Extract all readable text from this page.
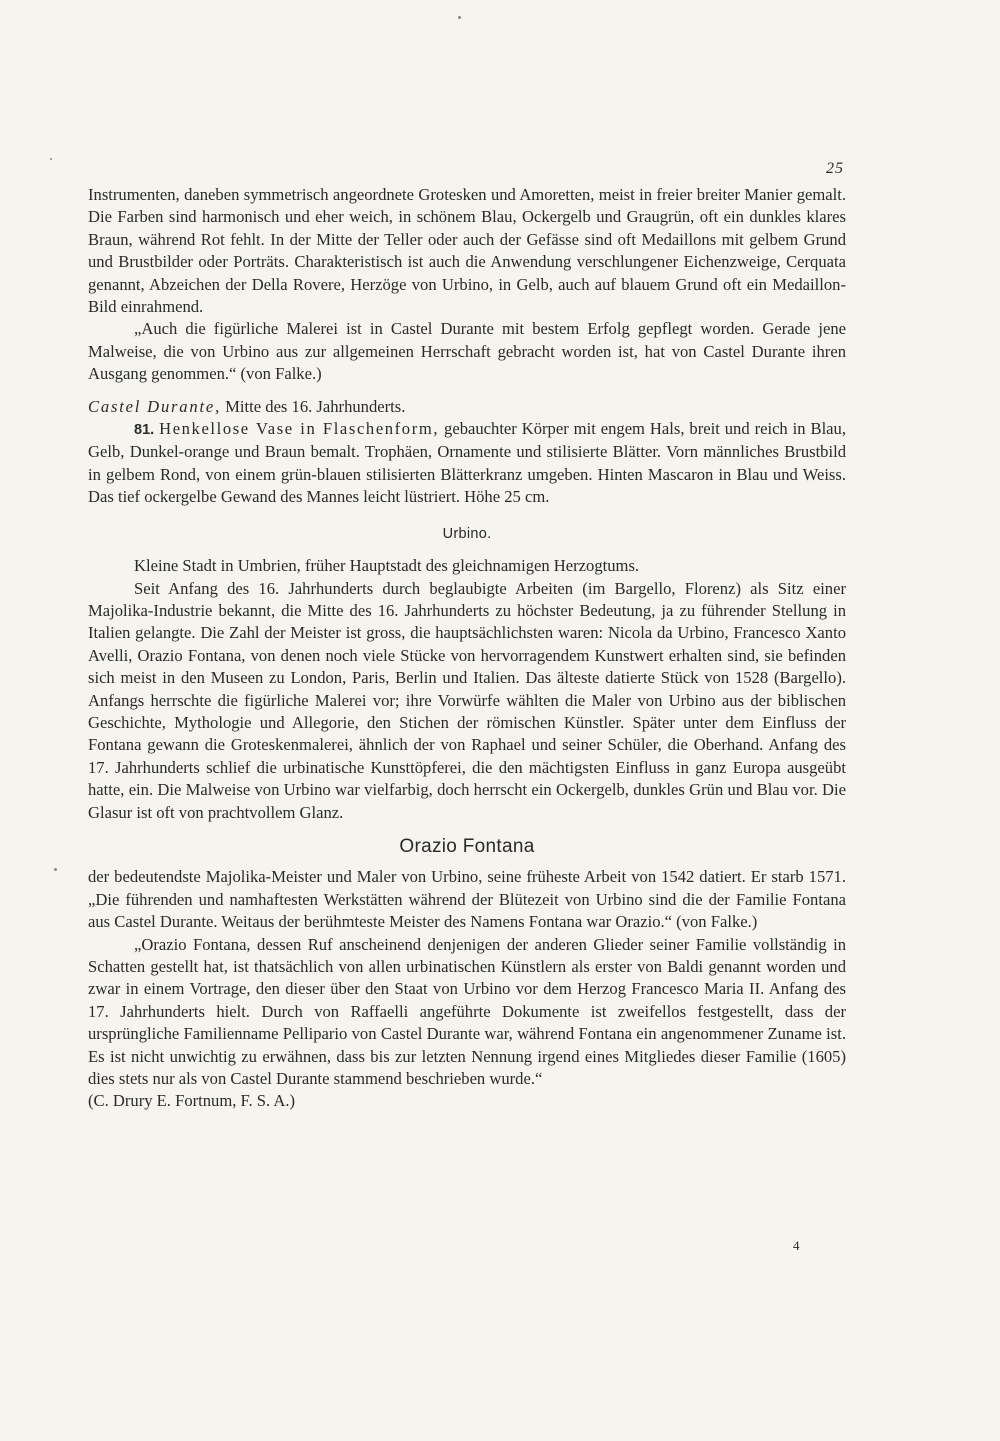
25

Instrumenten, daneben symmetrisch angeordnete Grotesken und Amoretten, meist in freier breiter Manier gemalt. Die Farben sind harmonisch und eher weich, in schönem Blau, Ockergelb und Graugrün, oft ein dunkles klares Braun, während Rot fehlt. In der Mitte der Teller oder auch der Gefässe sind oft Medaillons mit gelbem Grund und Brustbilder oder Porträts. Charakteristisch ist auch die Anwendung verschlungener Eichenzweige, Cerquata genannt, Abzeichen der Della Rovere, Herzöge von Urbino, in Gelb, auch auf blauem Grund oft ein Medaillon-Bild einrahmend.

„Auch die figürliche Malerei ist in Castel Durante mit bestem Erfolg gepflegt worden. Gerade jene Malweise, die von Urbino aus zur allgemeinen Herrschaft gebracht worden ist, hat von Castel Durante ihren Ausgang genommen.“ (von Falke.)

Castel Durante, Mitte des 16. Jahrhunderts.

81. Henkellose Vase in Flaschenform, gebauchter Körper mit engem Hals, breit und reich in Blau, Gelb, Dunkel-orange und Braun bemalt. Trophäen, Ornamente und stilisierte Blätter. Vorn männliches Brustbild in gelbem Rond, von einem grün-blauen stilisierten Blätterkranz umgeben. Hinten Mascaron in Blau und Weiss. Das tief ockergelbe Gewand des Mannes leicht lüstriert. Höhe 25 cm.

Urbino.

Kleine Stadt in Umbrien, früher Hauptstadt des gleichnamigen Herzogtums.

Seit Anfang des 16. Jahrhunderts durch beglaubigte Arbeiten (im Bargello, Florenz) als Sitz einer Majolika-Industrie bekannt, die Mitte des 16. Jahrhunderts zu höchster Bedeutung, ja zu führender Stellung in Italien gelangte. Die Zahl der Meister ist gross, die hauptsächlichsten waren: Nicola da Urbino, Francesco Xanto Avelli, Orazio Fontana, von denen noch viele Stücke von hervorragendem Kunstwert erhalten sind, sie befinden sich meist in den Museen zu London, Paris, Berlin und Italien. Das älteste datierte Stück von 1528 (Bargello). Anfangs herrschte die figürliche Malerei vor; ihre Vorwürfe wählten die Maler von Urbino aus der biblischen Geschichte, Mythologie und Allegorie, den Stichen der römischen Künstler. Später unter dem Einfluss der Fontana gewann die Groteskenmalerei, ähnlich der von Raphael und seiner Schüler, die Oberhand. Anfang des 17. Jahrhunderts schlief die urbinatische Kunsttöpferei, die den mächtigsten Einfluss in ganz Europa ausgeübt hatte, ein. Die Malweise von Urbino war vielfarbig, doch herrscht ein Ockergelb, dunkles Grün und Blau vor. Die Glasur ist oft von prachtvollem Glanz.

Orazio Fontana

der bedeutendste Majolika-Meister und Maler von Urbino, seine früheste Arbeit von 1542 datiert. Er starb 1571. „Die führenden und namhaftesten Werkstätten während der Blütezeit von Urbino sind die der Familie Fontana aus Castel Durante. Weitaus der berühmteste Meister des Namens Fontana war Orazio.“ (von Falke.)

„Orazio Fontana, dessen Ruf anscheinend denjenigen der anderen Glieder seiner Familie vollständig in Schatten gestellt hat, ist thatsächlich von allen urbinatischen Künstlern als erster von Baldi genannt worden und zwar in einem Vortrage, den dieser über den Staat von Urbino vor dem Herzog Francesco Maria II. Anfang des 17. Jahrhunderts hielt. Durch von Raffaelli angeführte Dokumente ist zweifellos festgestellt, dass der ursprüngliche Familienname Pellipario von Castel Durante war, während Fontana ein angenommener Zuname ist. Es ist nicht unwichtig zu erwähnen, dass bis zur letzten Nennung irgend eines Mitgliedes dieser Familie (1605) dies stets nur als von Castel Durante stammend beschrieben wurde.“

(C. Drury E. Fortnum, F. S. A.)

4
